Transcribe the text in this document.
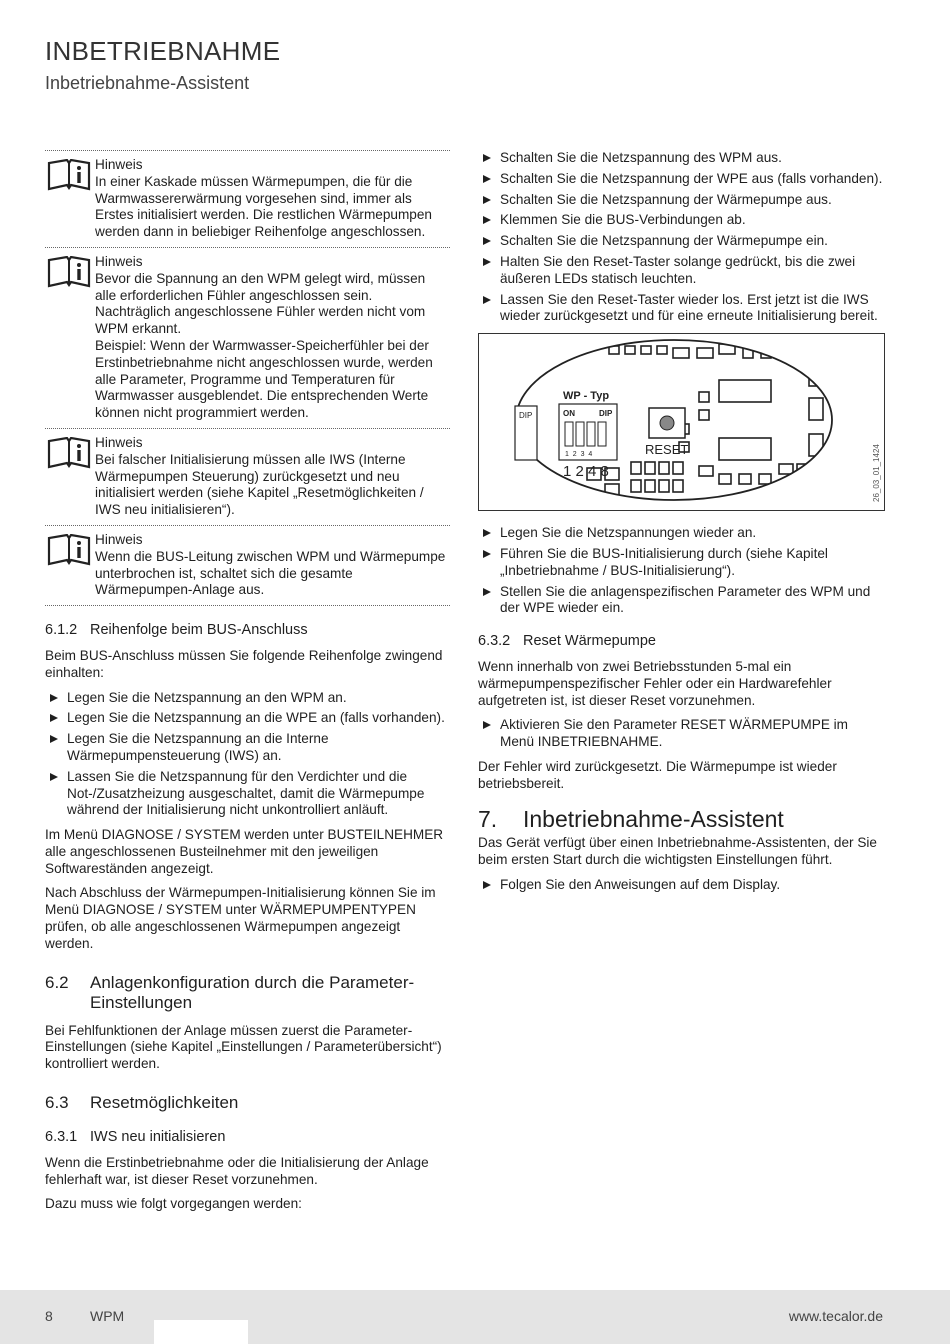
INBETRIEBNAHME
Inbetriebnahme-Assistent
Hinweis

In einer Kaskade müssen Wärmepumpen, die für die Warmwassererwärmung vorgesehen sind, immer als Erstes initialisiert werden. Die restlichen Wärmepumpen werden dann in beliebiger Reihenfolge angeschlossen.

Hinweis

Bevor die Spannung an den WPM gelegt wird, müssen alle erforderlichen Fühler angeschlossen sein. Nachträglich angeschlossene Fühler werden nicht vom WPM erkannt.

Beispiel: Wenn der Warmwasser-Speicherfühler bei der Erstinbetriebnahme nicht angeschlossen wurde, werden alle Parameter, Programme und Temperaturen für Warmwasser ausgeblendet. Die entsprechenden Werte können nicht programmiert werden.

Hinweis

Bei falscher Initialisierung müssen alle IWS (Interne Wärmepumpen Steuerung) zurückgesetzt und neu initialisiert werden (siehe Kapitel „Resetmöglichkeiten / IWS neu initialisieren“).

Hinweis

Wenn die BUS-Leitung zwischen WPM und Wärmepumpe unterbrochen ist, schaltet sich die gesamte Wärmepumpen-Anlage aus.

6.1.2 Reihenfolge beim BUS-Anschluss

Beim BUS-Anschluss müssen Sie folgende Reihenfolge zwingend einhalten:

Legen Sie die Netzspannung an den WPM an.
Legen Sie die Netzspannung an die WPE an (falls vorhanden).
Legen Sie die Netzspannung an die Interne Wärmepumpensteuerung (IWS) an.
Lassen Sie die Netzspannung für den Verdichter und die Not-/Zusatzheizung ausgeschaltet, damit die Wärmepumpe während der Initialisierung nicht unkontrolliert anläuft.

Im Menü DIAGNOSE / SYSTEM werden unter BUSTEILNEHMER alle angeschlossenen Busteilnehmer mit den jeweiligen Softwareständen angezeigt.

Nach Abschluss der Wärmepumpen-Initialisierung können Sie im Menü DIAGNOSE / SYSTEM unter WÄRMEPUMPENTYPEN prüfen, ob alle angeschlossenen Wärmepumpen angezeigt werden.

6.2	Anlagenkonfiguration durch die Parameter-Einstellungen

Bei Fehlfunktionen der Anlage müssen zuerst die Parameter-Einstellungen (siehe Kapitel „Einstellungen / Parameterübersicht“) kontrolliert werden.

6.3	Resetmöglichkeiten
6.3.1 IWS neu initialisieren

Wenn die Erstinbetriebnahme oder die Initialisierung der Anlage fehlerhaft war, ist dieser Reset vorzunehmen.

Dazu muss wie folgt vorgegangen werden:

Schalten Sie die Netzspannung des WPM aus.
Schalten Sie die Netzspannung der WPE aus (falls vorhanden).
Schalten Sie die Netzspannung der Wärmepumpe aus.
Klemmen Sie die BUS-Verbindungen ab.
Schalten Sie die Netzspannung der Wärmepumpe ein.
Halten Sie den Reset-Taster solange gedrückt, bis die zwei äußeren LEDs statisch leuchten.
Lassen Sie den Reset-Taster wieder los. Erst jetzt ist die IWS wieder zurückgesetzt und für eine erneute Initialisierung bereit.
DIP
WP - Typ
ON	DIP
1  2  3  4
1 2 4 8
RESET	26_03_01_1424
Legen Sie die Netzspannungen wieder an.
Führen Sie die BUS-Initialisierung durch (siehe Kapitel „Inbetriebnahme / BUS-Initialisierung“).
Stellen Sie die anlagenspezifischen Parameter des WPM und der WPE wieder ein.
6.3.2 Reset Wärmepumpe

Wenn innerhalb von zwei Betriebsstunden 5-mal ein wärmepumpenspezifischer Fehler oder ein Hardwarefehler aufgetreten ist, ist dieser Reset vorzunehmen.

Aktivieren Sie den Parameter RESET WÄRMEPUMPE im Menü INBETRIEBNAHME.

Der Fehler wird zurückgesetzt. Die Wärmepumpe ist wieder betriebsbereit.

7.	Inbetriebnahme-Assistent

Das Gerät verfügt über einen Inbetriebnahme-Assistenten, der Sie beim ersten Start durch die wichtigsten Einstellungen führt.

Folgen Sie den Anweisungen auf dem Display.
8	WPM	www.tecalor.de
